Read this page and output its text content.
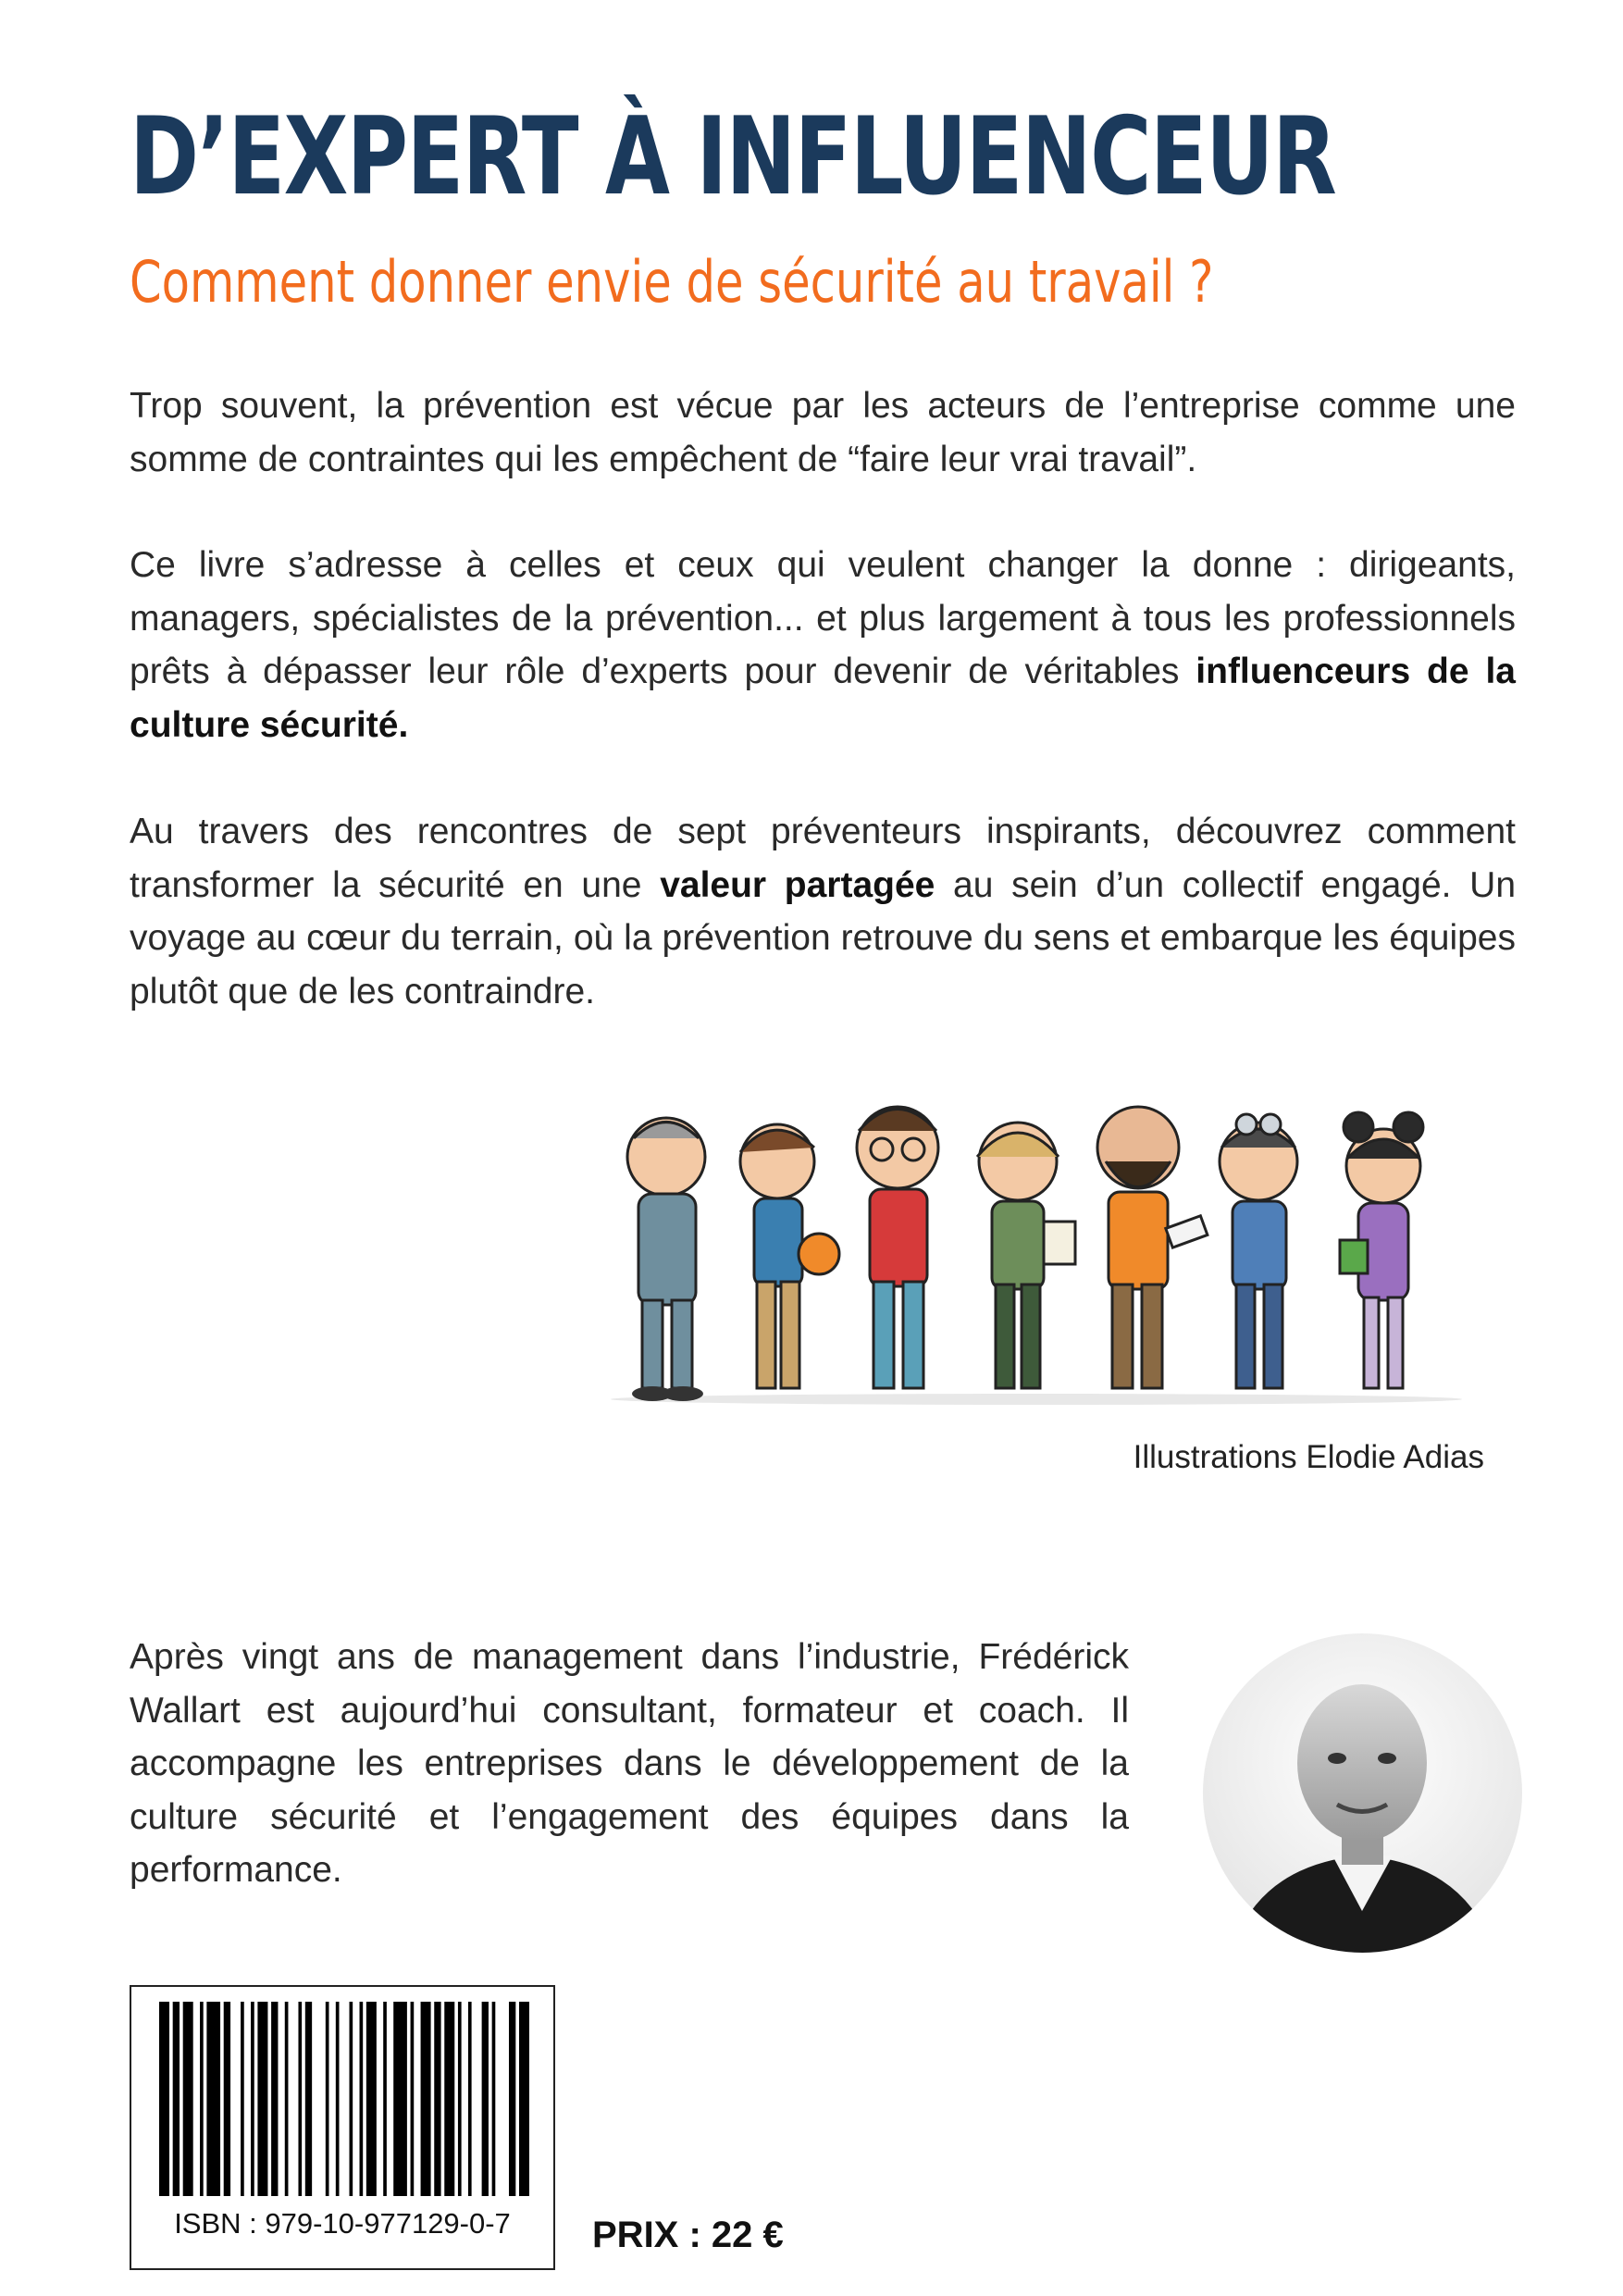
D’EXPERT À INFLUENCEUR
Comment donner envie de sécurité au travail ?

Trop souvent, la prévention est vécue par les acteurs de l’entreprise comme une somme de contraintes qui les empêchent de “faire leur vrai travail”.

Ce livre s’adresse à celles et ceux qui veulent changer la donne : dirigeants, managers, spécialistes de la prévention... et plus largement à tous les professionnels prêts à dépasser leur rôle d’experts pour devenir de véritables influenceurs de la culture sécurité.

Au travers des rencontres de sept préventeurs inspirants, découvrez comment transformer la sécurité en une valeur partagée au sein d’un collectif engagé. Un voyage au cœur du terrain, où la prévention retrouve du sens et embarque les équipes plutôt que de les contraindre.

Illustrations Elodie Adias

Après vingt ans de management dans l’industrie, Frédérick Wallart est aujourd’hui consultant, formateur et coach. Il accompagne les entreprises dans le développement de la culture sécurité et l’engagement des équipes dans la performance.

ISBN : 979-10-977129-0-7	PRIX : 22 €
